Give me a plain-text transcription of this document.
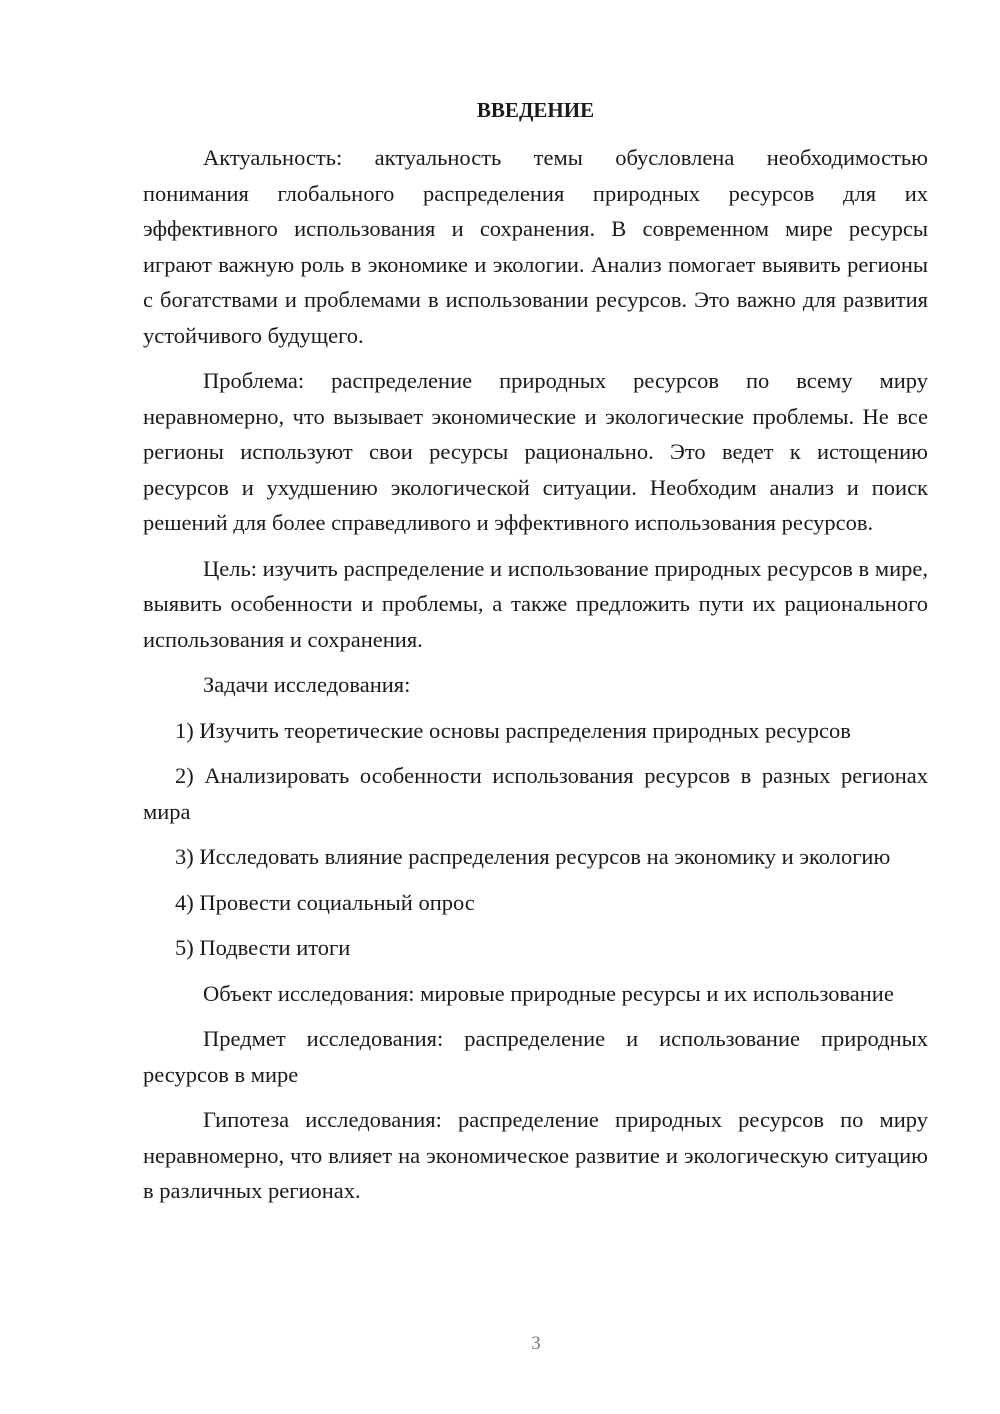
ВВЕДЕНИЕ

Актуальность: актуальность темы обусловлена необходимостью понимания глобального распределения природных ресурсов для их эффективного использования и сохранения. В современном мире ресурсы играют важную роль в экономике и экологии. Анализ помогает выявить регионы с богатствами и проблемами в использовании ресурсов. Это важно для развития устойчивого будущего.

Проблема: распределение природных ресурсов по всему миру неравномерно, что вызывает экономические и экологические проблемы. Не все регионы используют свои ресурсы рационально. Это ведет к истощению ресурсов и ухудшению экологической ситуации. Необходим анализ и поиск решений для более справедливого и эффективного использования ресурсов.

Цель: изучить распределение и использование природных ресурсов в мире, выявить особенности и проблемы, а также предложить пути их рационального использования и сохранения.

Задачи исследования:

1) Изучить теоретические основы распределения природных ресурсов

2) Анализировать особенности использования ресурсов в разных регионах мира

3) Исследовать влияние распределения ресурсов на экономику и экологию

4) Провести социальный опрос

5) Подвести итоги

Объект исследования: мировые природные ресурсы и их использование

Предмет исследования: распределение и использование природных ресурсов в мире

Гипотеза исследования: распределение природных ресурсов по миру неравномерно, что влияет на экономическое развитие и экологическую ситуацию в различных регионах.

3
